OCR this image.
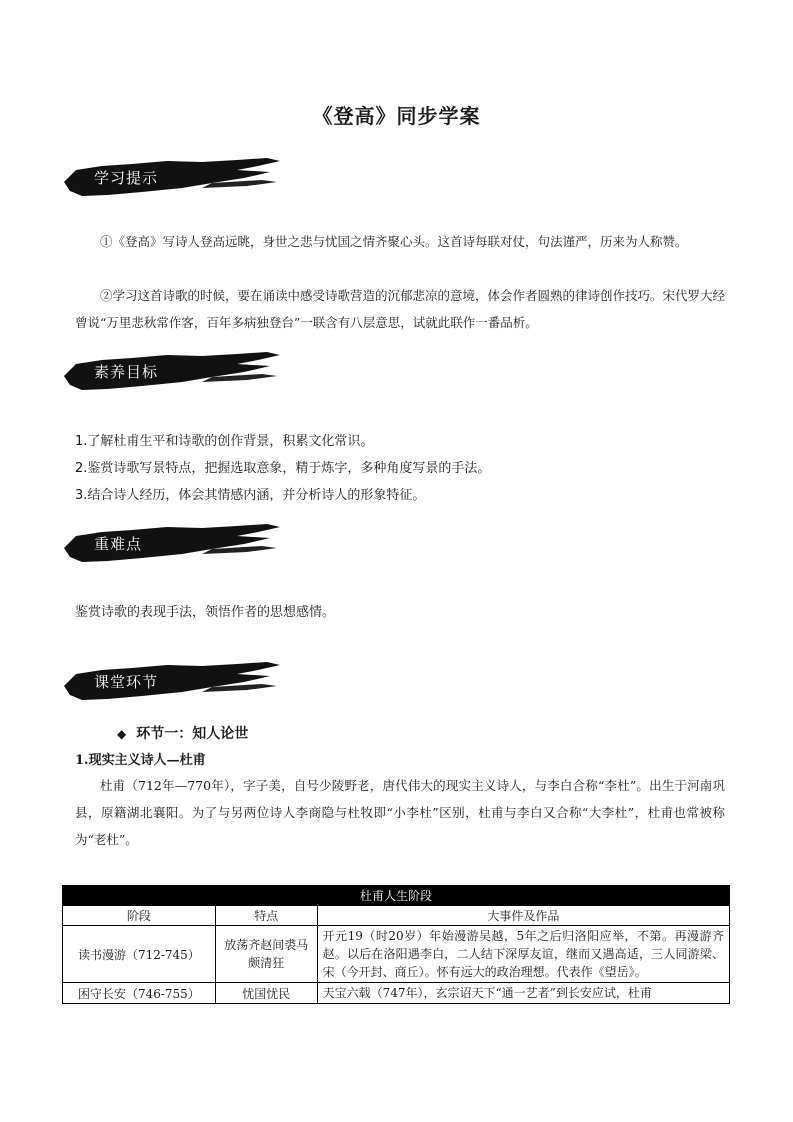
《登高》同步学案
学习提示

①《登高》写诗人登高远眺，身世之悲与忧国之情齐聚心头。这首诗每联对仗，句法谨严，历来为人称赞。

②学习这首诗歌的时候，要在诵读中感受诗歌营造的沉郁悲凉的意境，体会作者圆熟的律诗创作技巧。宋代罗大经曾说“万里悲秋常作客，百年多病独登台”一联含有八层意思，试就此联作一番品析。

素养目标
1.了解杜甫生平和诗歌的创作背景，积累文化常识。
2.鉴赏诗歌写景特点，把握选取意象，精于炼字，多种角度写景的手法。
3.结合诗人经历，体会其情感内涵，并分析诗人的形象特征。
重难点
鉴赏诗歌的表现手法，领悟作者的思想感情。
课堂环节
◆ 环节一：知人论世
1.现实主义诗人—杜甫

杜甫（712年—770年），字子美，自号少陵野老，唐代伟大的现实主义诗人，与李白合称“李杜”。出生于河南巩县，原籍湖北襄阳。为了与另两位诗人李商隐与杜牧即“小李杜”区别，杜甫与李白又合称“大李杜”，杜甫也常被称为“老杜”。

杜甫人生阶段		
阶段	特点	大事件及作品
读书漫游（712-745）	放荡齐赵间裘马颇清狂	开元19（时20岁）年始漫游吴越，5年之后归洛阳应举，不第。再漫游齐赵。以后在洛阳遇李白，二人结下深厚友谊，继而又遇高适，三人同游梁、宋（今开封、商丘）。怀有远大的政治理想。代表作《望岳》。
困守长安（746-755）	忧国忧民	天宝六载（747年），玄宗诏天下“通一艺者”到长安应试，杜甫
